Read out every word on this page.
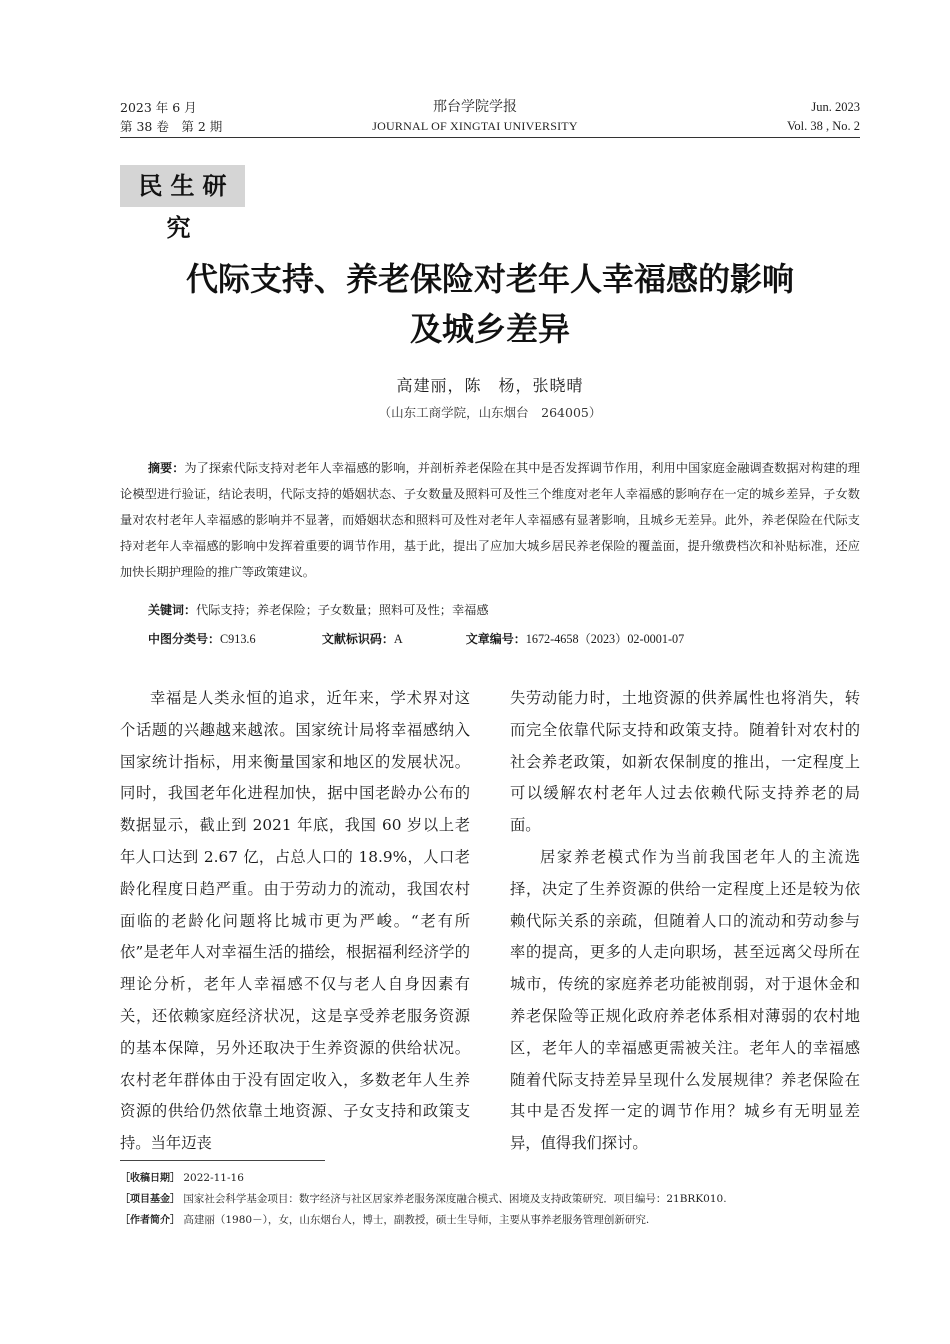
2023 年 6 月
第 38 卷　第 2 期
邢台学院学报
JOURNAL OF XINGTAI UNIVERSITY
Jun. 2023
Vol. 38 , No. 2
民生研究
代际支持、养老保险对老年人幸福感的影响
及城乡差异
高建丽，陈　杨，张晓晴
（山东工商学院，山东烟台　264005）

摘要：为了探索代际支持对老年人幸福感的影响，并剖析养老保险在其中是否发挥调节作用，利用中国家庭金融调查数据对构建的理论模型进行验证，结论表明，代际支持的婚姻状态、子女数量及照料可及性三个维度对老年人幸福感的影响存在一定的城乡差异，子女数量对农村老年人幸福感的影响并不显著，而婚姻状态和照料可及性对老年人幸福感有显著影响，且城乡无差异。此外，养老保险在代际支持对老年人幸福感的影响中发挥着重要的调节作用，基于此，提出了应加大城乡居民养老保险的覆盖面，提升缴费档次和补贴标准，还应加快长期护理险的推广等政策建议。

关键词：代际支持；养老保险；子女数量；照料可及性；幸福感
中图分类号：C913.6	文献标识码：A	文章编号：1672-4658（2023）02-0001-07

幸福是人类永恒的追求，近年来，学术界对这个话题的兴趣越来越浓。国家统计局将幸福感纳入国家统计指标，用来衡量国家和地区的发展状况。同时，我国老年化进程加快，据中国老龄办公布的数据显示，截止到 2021 年底，我国 60 岁以上老年人口达到 2.67 亿，占总人口的 18.9%，人口老龄化程度日趋严重。由于劳动力的流动，我国农村面临的老龄化问题将比城市更为严峻。“老有所依”是老年人对幸福生活的描绘，根据福利经济学的理论分析，老年人幸福感不仅与老人自身因素有关，还依赖家庭经济状况，这是享受养老服务资源的基本保障，另外还取决于生养资源的供给状况。农村老年群体由于没有固定收入，多数老年人生养资源的供给仍然依靠土地资源、子女支持和政策支持。当年迈丧

失劳动能力时，土地资源的供养属性也将消失，转而完全依靠代际支持和政策支持。随着针对农村的社会养老政策，如新农保制度的推出，一定程度上可以缓解农村老年人过去依赖代际支持养老的局面。

居家养老模式作为当前我国老年人的主流选择，决定了生养资源的供给一定程度上还是较为依赖代际关系的亲疏，但随着人口的流动和劳动参与率的提高，更多的人走向职场，甚至远离父母所在城市，传统的家庭养老功能被削弱，对于退休金和养老保险等正规化政府养老体系相对薄弱的农村地区，老年人的幸福感更需被关注。老年人的幸福感随着代际支持差异呈现什么发展规律？养老保险在其中是否发挥一定的调节作用？城乡有无明显差异，值得我们探讨。

［收稿日期］ 2022-11-16
［项目基金］ 国家社会科学基金项目：数字经济与社区居家养老服务深度融合模式、困境及支持政策研究．项目编号：21BRK010.
［作者简介］ 高建丽（1980－），女，山东烟台人，博士，副教授，硕士生导师，主要从事养老服务管理创新研究.
